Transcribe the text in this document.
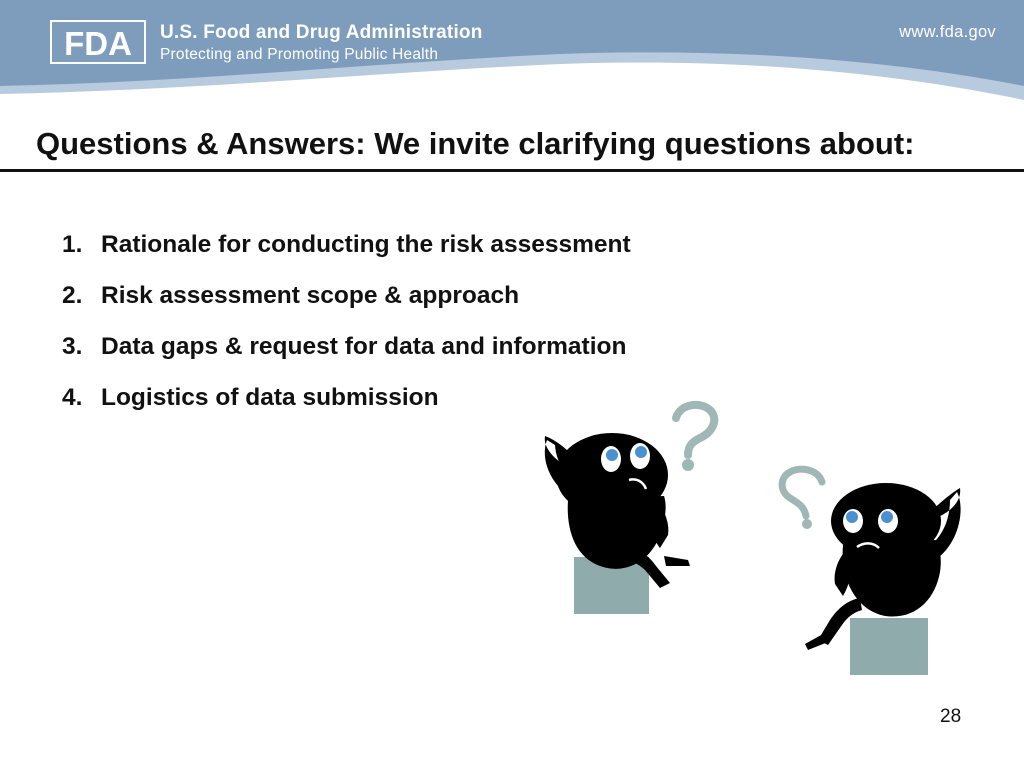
FDA U.S. Food and Drug Administration
Protecting and Promoting Public Health
www.fda.gov
Questions & Answers: We invite clarifying questions about:
1. Rationale for conducting the risk assessment
2. Risk assessment scope & approach
3. Data gaps & request for data and information
4. Logistics of data submission
28
